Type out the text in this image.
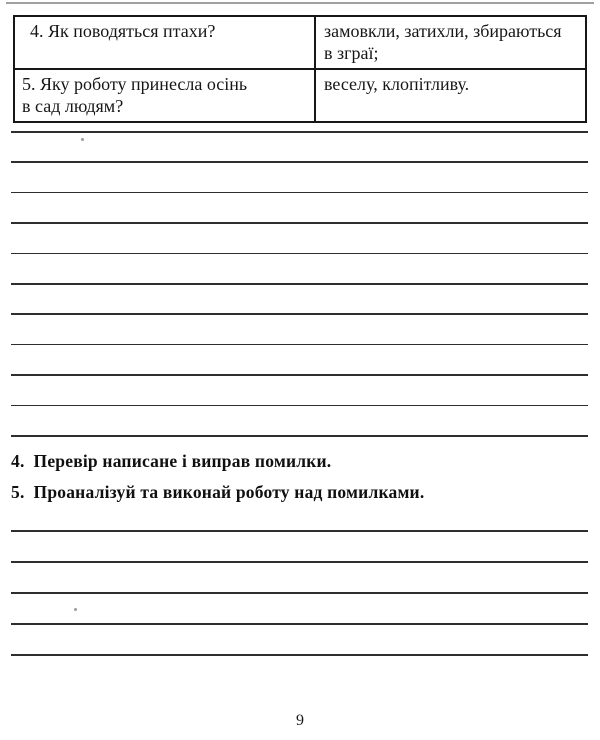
4. Як поводяться птахи?	замовкли, затихли, збираються
в зграї;

5. Яку роботу принесла осінь
в сад людям?	веселу, клопітливу.
4. Перевір написане і виправ помилки.
5. Проаналізуй та виконай роботу над помилками.
9
